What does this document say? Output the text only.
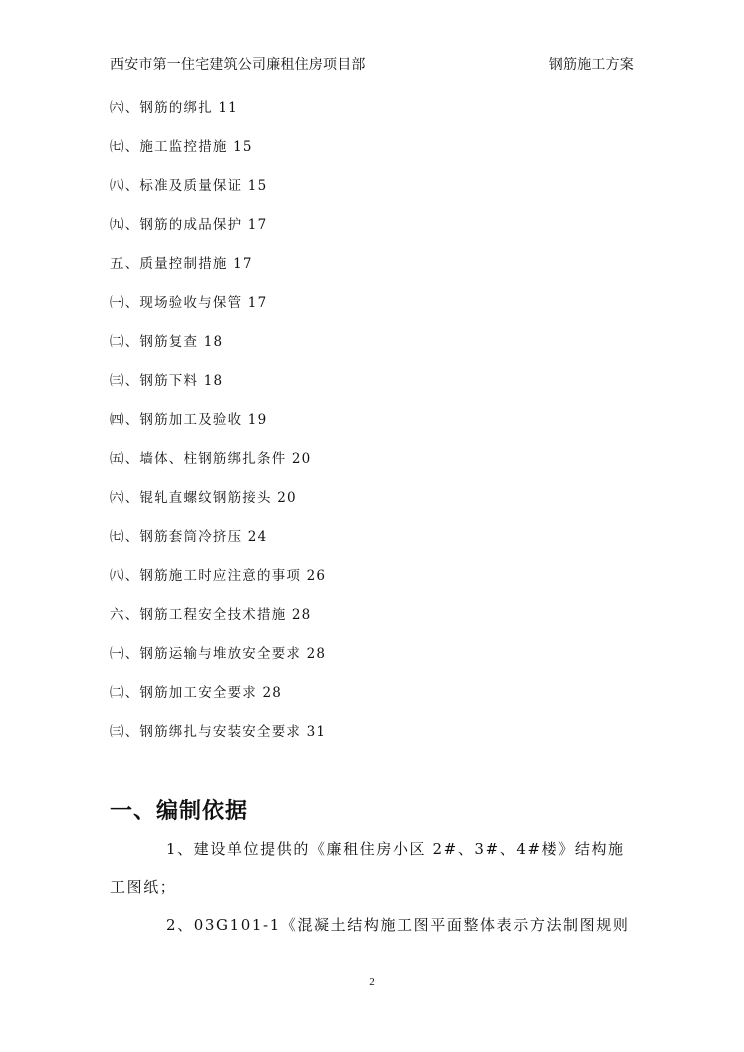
西安市第一住宅建筑公司廉租住房项目部	钢筋施工方案
㈥、钢筋的绑扎 11
㈦、施工监控措施 15
㈧、标准及质量保证 15
㈨、钢筋的成品保护 17
五、质量控制措施 17
㈠、现场验收与保管 17
㈡、钢筋复查 18
㈢、钢筋下料 18
㈣、钢筋加工及验收 19
㈤、墙体、柱钢筋绑扎条件 20
㈥、锟轧直螺纹钢筋接头 20
㈦、钢筋套筒冷挤压 24
㈧、钢筋施工时应注意的事项 26
六、钢筋工程安全技术措施 28
㈠、钢筋运输与堆放安全要求 28
㈡、钢筋加工安全要求 28
㈢、钢筋绑扎与安装安全要求 31
一、编制依据

1、建设单位提供的《廉租住房小区 2#、3#、4#楼》结构施

工图纸；

2、03G101-1《混凝土结构施工图平面整体表示方法制图规则

2
